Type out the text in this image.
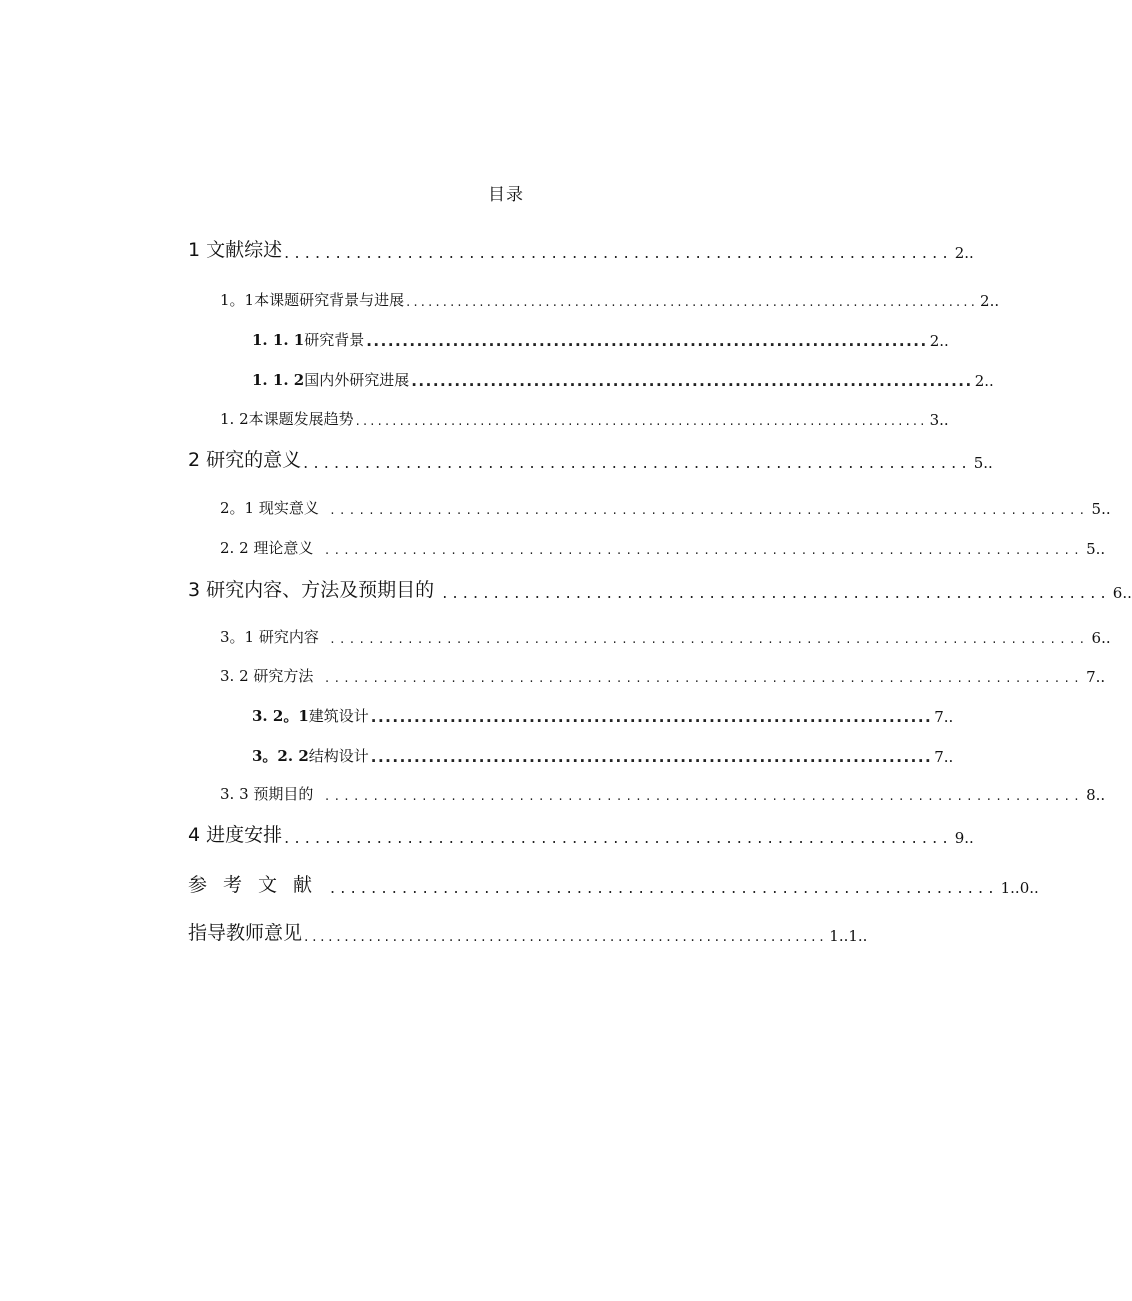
目录
1 文献综述 ................................................................. 2..
1。1本课题研究背景与进展 .............................................................................. 2..
1. 1. 1研究背景 .............................................................................. 2..
1. 1. 2国内外研究进展 .............................................................................. 2..
1. 2本课题发展趋势 .............................................................................. 3..
2 研究的意义 ................................................................. 5..
2。1 现实意义 .............................................................................. 5..
2. 2 理论意义 .............................................................................. 5..
3 研究内容、方法及预期目的 ................................................................. 6..
3。1 研究内容 .............................................................................. 6..
3. 2 研究方法 .............................................................................. 7..
3. 2。1建筑设计 .............................................................................. 7..
3。2. 2结构设计 .............................................................................. 7..
3. 3 预期目的 .............................................................................. 8..
4 进度安排 ................................................................. 9..
参考文献 ................................................................. 1..0..
指导教师意见 ................................................................. 1..1..
